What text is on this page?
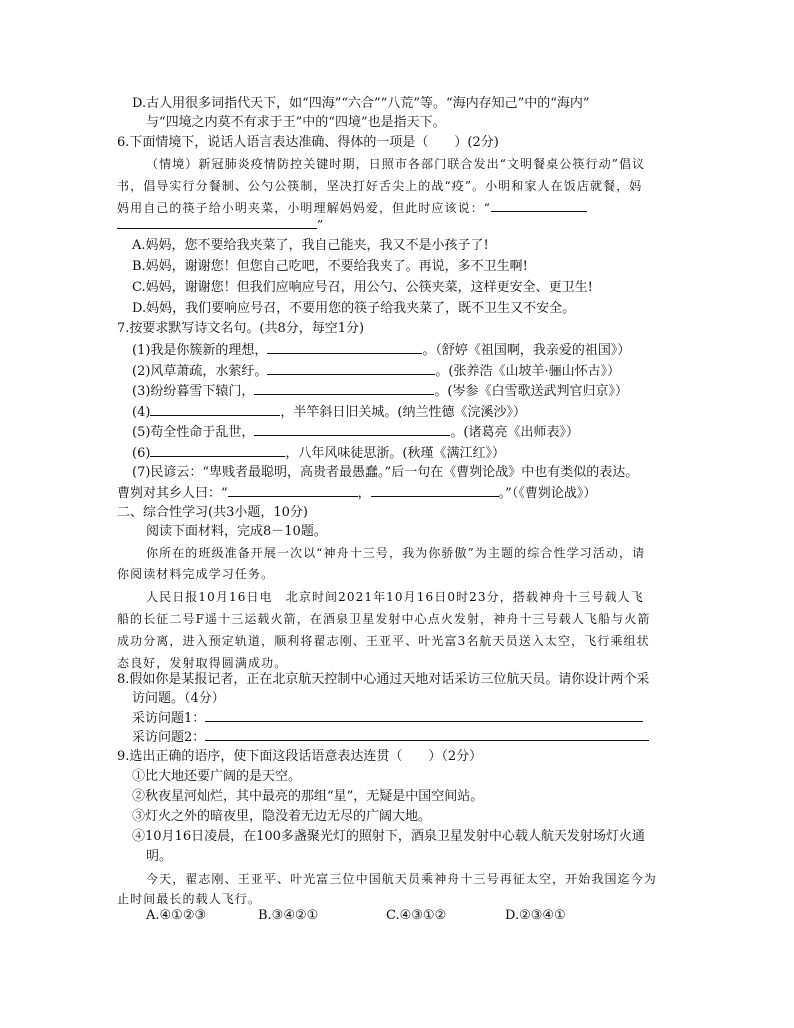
D.古人用很多词指代天下，如“四海”“六合”“八荒”等。“海内存知己”中的“海内”
与“四境之内莫不有求于王”中的“四境”也是指天下。
6.下面情境下，说话人语言表达准确、得体的一项是（　　）(2分)
（情境）新冠肺炎疫情防控关键时期，日照市各部门联合发出“文明餐桌公筷行动”倡议
书，倡导实行分餐制、公勺公筷制，坚决打好舌尖上的战“疫”。小明和家人在饭店就餐，妈
妈用自己的筷子给小明夹菜，小明理解妈妈爱，但此时应该说：“
”
A.妈妈，您不要给我夹菜了，我自己能夹，我又不是小孩子了!
B.妈妈，谢谢您！但您自己吃吧，不要给我夹了。再说，多不卫生啊!
C.妈妈，谢谢您！但我们应响应号召，用公勺、公筷夹菜，这样更安全、更卫生!
D.妈妈，我们要响应号召，不要用您的筷子给我夹菜了，既不卫生又不安全。
7.按要求默写诗文名句。(共8分，每空1分)
(1)我是你簇新的理想，	。（舒婷《祖国啊，我亲爱的祖国》）
(2)风草萧疏，水萦纡。	。(张养浩《山坡羊·骊山怀古》）
(3)纷纷暮雪下辕门，	。(岑参《白雪歌送武判官归京》）
(4)	，半竿斜日旧关城。(纳兰性德《浣溪沙》）
(5)苟全性命于乱世，	。(诸葛亮《出师表》）
(6)	，八年风味徒思浙。(秋瑾《满江红》）
(7)民谚云：“卑贱者最聪明，高贵者最愚蠢。”后一句在《曹刿论战》中也有类似的表达。
曹刿对其乡人曰：“	，	。”（《曹刿论战》）
二、综合性学习(共3小题，10分)
阅读下面材料，完成8－10题。
你所在的班级准备开展一次以“神舟十三号，我为你骄傲”为主题的综合性学习活动，请
你阅读材料完成学习任务。
人民日报10月16日电　北京时间2021年10月16日0时23分，搭载神舟十三号载人飞
船的长征二号F遥十三运载火箭，在酒泉卫星发射中心点火发射，神舟十三号载人飞船与火箭
成功分离，进入预定轨道，顺利将翟志刚、王亚平、叶光富3名航天员送入太空，飞行乘组状
态良好，发射取得圆满成功。
8.假如你是某报记者，正在北京航天控制中心通过天地对话采访三位航天员。请你设计两个采
访问题。（4分）
采访问题1：
采访问题2：
9.选出正确的语序，使下面这段话语意表达连贯（　　）（2分）
①比大地还要广阔的是天空。
②秋夜星河灿烂，其中最亮的那组“星”，无疑是中国空间站。
③灯火之外的暗夜里，隐没着无边无尽的广阔大地。
④10月16日凌晨，在100多盏聚光灯的照射下，酒泉卫星发射中心载人航天发射场灯火通
明。
今天，翟志刚、王亚平、叶光富三位中国航天员乘神舟十三号再征太空，开始我国迄今为
止时间最长的载人飞行。
A.④①②③	B.③④②①	C.④③①②	D.②③④①
